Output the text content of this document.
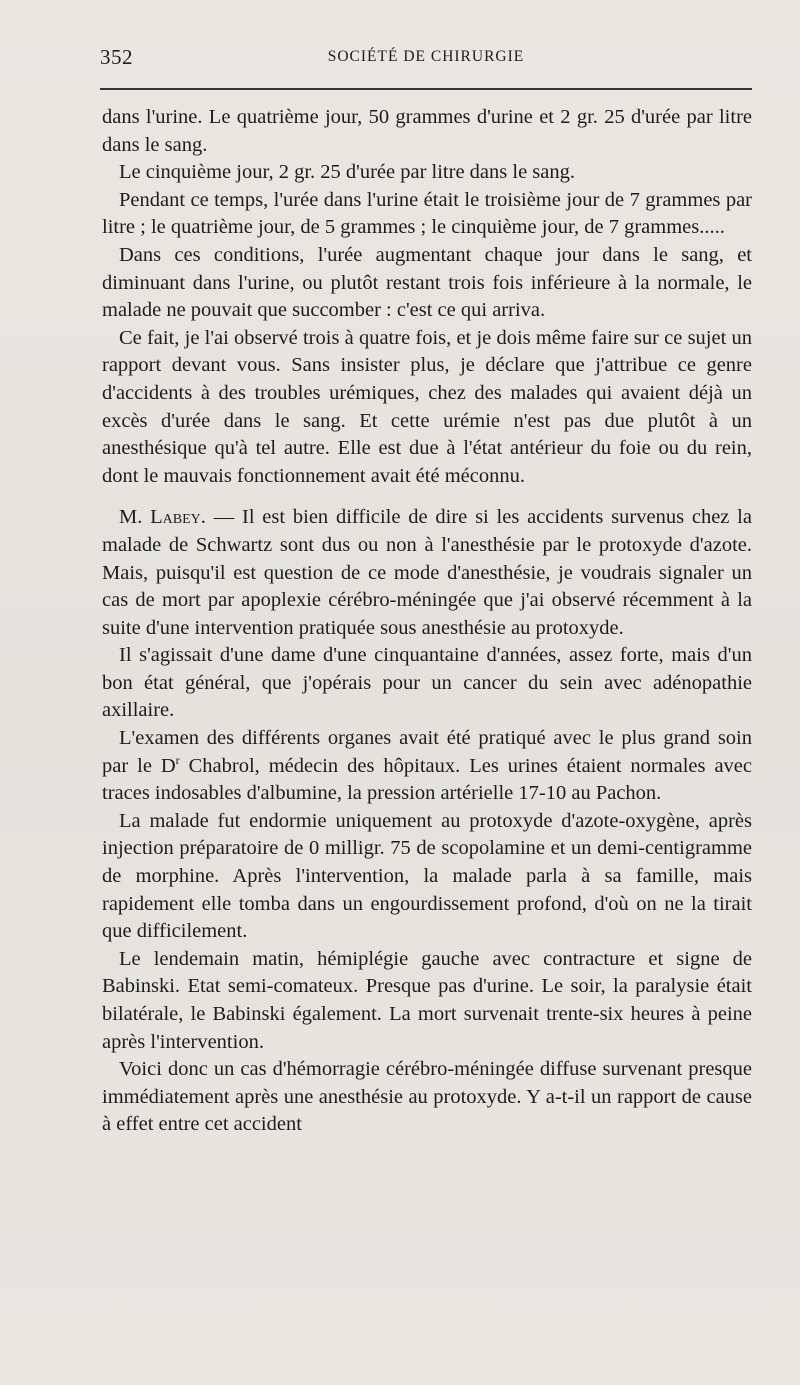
352	SOCIÉTÉ DE CHIRURGIE

dans l'urine. Le quatrième jour, 50 grammes d'urine et 2 gr. 25 d'urée par litre dans le sang.

Le cinquième jour, 2 gr. 25 d'urée par litre dans le sang.

Pendant ce temps, l'urée dans l'urine était le troisième jour de 7 grammes par litre ; le quatrième jour, de 5 grammes ; le cinquième jour, de 7 grammes.....

Dans ces conditions, l'urée augmentant chaque jour dans le sang, et diminuant dans l'urine, ou plutôt restant trois fois inférieure à la normale, le malade ne pouvait que succomber : c'est ce qui arriva.

Ce fait, je l'ai observé trois à quatre fois, et je dois même faire sur ce sujet un rapport devant vous. Sans insister plus, je déclare que j'attribue ce genre d'accidents à des troubles urémiques, chez des malades qui avaient déjà un excès d'urée dans le sang. Et cette urémie n'est pas due plutôt à un anesthésique qu'à tel autre. Elle est due à l'état antérieur du foie ou du rein, dont le mauvais fonctionnement avait été méconnu.

M. Labey. — Il est bien difficile de dire si les accidents survenus chez la malade de Schwartz sont dus ou non à l'anesthésie par le protoxyde d'azote. Mais, puisqu'il est question de ce mode d'anesthésie, je voudrais signaler un cas de mort par apoplexie cérébro-méningée que j'ai observé récemment à la suite d'une intervention pratiquée sous anesthésie au protoxyde.

Il s'agissait d'une dame d'une cinquantaine d'années, assez forte, mais d'un bon état général, que j'opérais pour un cancer du sein avec adénopathie axillaire.

L'examen des différents organes avait été pratiqué avec le plus grand soin par le $D^r$ Chabrol, médecin des hôpitaux. Les urines étaient normales avec traces indosables d'albumine, la pression artérielle 17-10 au Pachon.

La malade fut endormie uniquement au protoxyde d'azote-oxygène, après injection préparatoire de 0 milligr. 75 de scopolamine et un demi-centigramme de morphine. Après l'intervention, la malade parla à sa famille, mais rapidement elle tomba dans un engourdissement profond, d'où on ne la tirait que difficilement.

Le lendemain matin, hémiplégie gauche avec contracture et signe de Babinski. Etat semi-comateux. Presque pas d'urine. Le soir, la paralysie était bilatérale, le Babinski également. La mort survenait trente-six heures à peine après l'intervention.

Voici donc un cas d'hémorragie cérébro-méningée diffuse survenant presque immédiatement après une anesthésie au protoxyde. Y a-t-il un rapport de cause à effet entre cet accident
